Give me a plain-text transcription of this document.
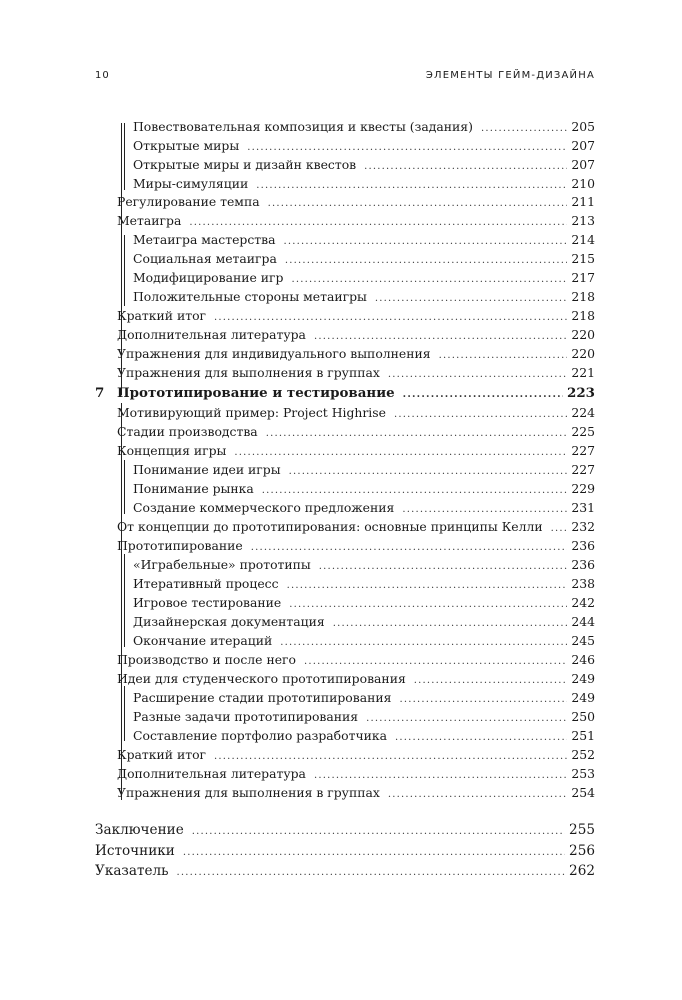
10	ЭЛЕМЕНТЫ ГЕЙМ-ДИЗАЙНА
Повествовательная композиция и квесты (задания) .....	205
Открытые миры .....	207
Открытые миры и дизайн квестов .....	207
Миры-симуляции .....	210
Регулирование темпа .....	211
Метаигра .....	213
Метаигра мастерства .....	214
Социальная метаигра .....	215
Модифицирование игр .....	217
Положительные стороны метаигры .....	218
Краткий итог .....	218
Дополнительная литература .....	220
Упражнения для индивидуального выполнения .....	220
Упражнения для выполнения в группах .....	221
7 Прототипирование и тестирование .....	223
Мотивирующий пример: Project Highrise .....	224
Стадии производства .....	225
Концепция игры .....	227
Понимание идеи игры .....	227
Понимание рынка .....	229
Создание коммерческого предложения .....	231
От концепции до прототипирования: основные принципы Келли ..... 232
Прототипирование .....	236
«Играбельные» прототипы .....	236
Итеративный процесс .....	238
Игровое тестирование .....	242
Дизайнерская документация .....	244
Окончание итераций .....	245
Производство и после него .....	246
Идеи для студенческого прототипирования .....	249
Расширение стадии прототипирования .....	249
Разные задачи прототипирования .....	250
Составление портфолио разработчика .....	251
Краткий итог .....	252
Дополнительная литература .....	253
Упражнения для выполнения в группах .....	254
Заключение .....	255
Источники .....	256
Указатель .....	262
